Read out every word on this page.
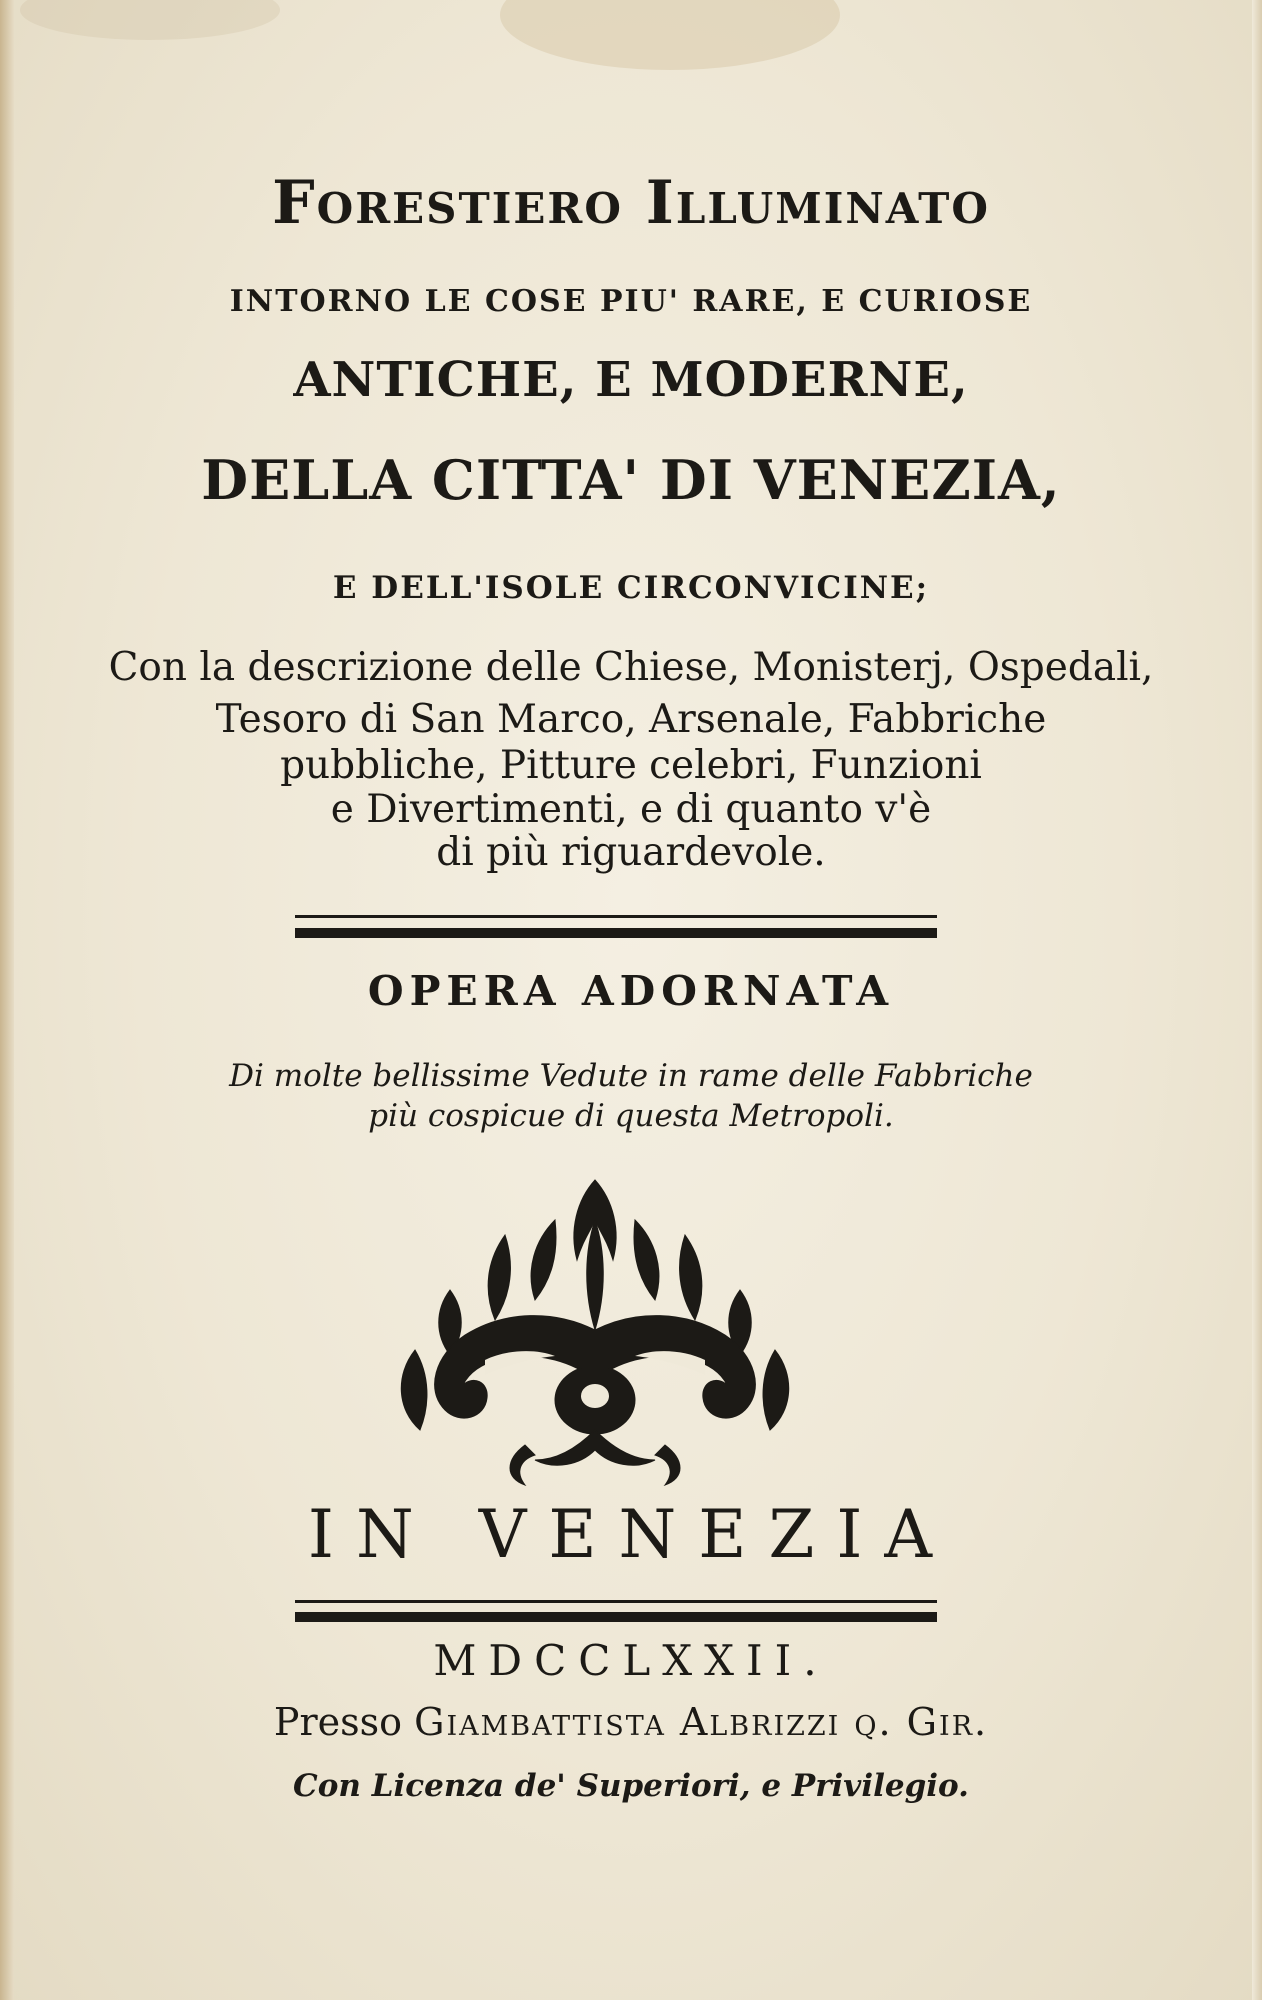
Forestiero Illuminato
INTORNO LE COSE PIU' RARE, E CURIOSE
ANTICHE, E MODERNE,
DELLA CITTA' DI VENEZIA,
E DELL'ISOLE CIRCONVICINE;
Con la descrizione delle Chiese, Monisterj, Ospedali,
Tesoro di San Marco, Arsenale, Fabbriche
pubbliche, Pitture celebri, Funzioni
e Divertimenti, e di quanto v'è
di più riguardevole.
OPERA ADORNATA
Di molte bellissime Vedute in rame delle Fabbriche
più cospicue di questa Metropoli.
IN VENEZIA
MDCCLXXII.
Presso Giambattista Albrizzi q. Gir.
Con Licenza de' Superiori, e Privilegio.
